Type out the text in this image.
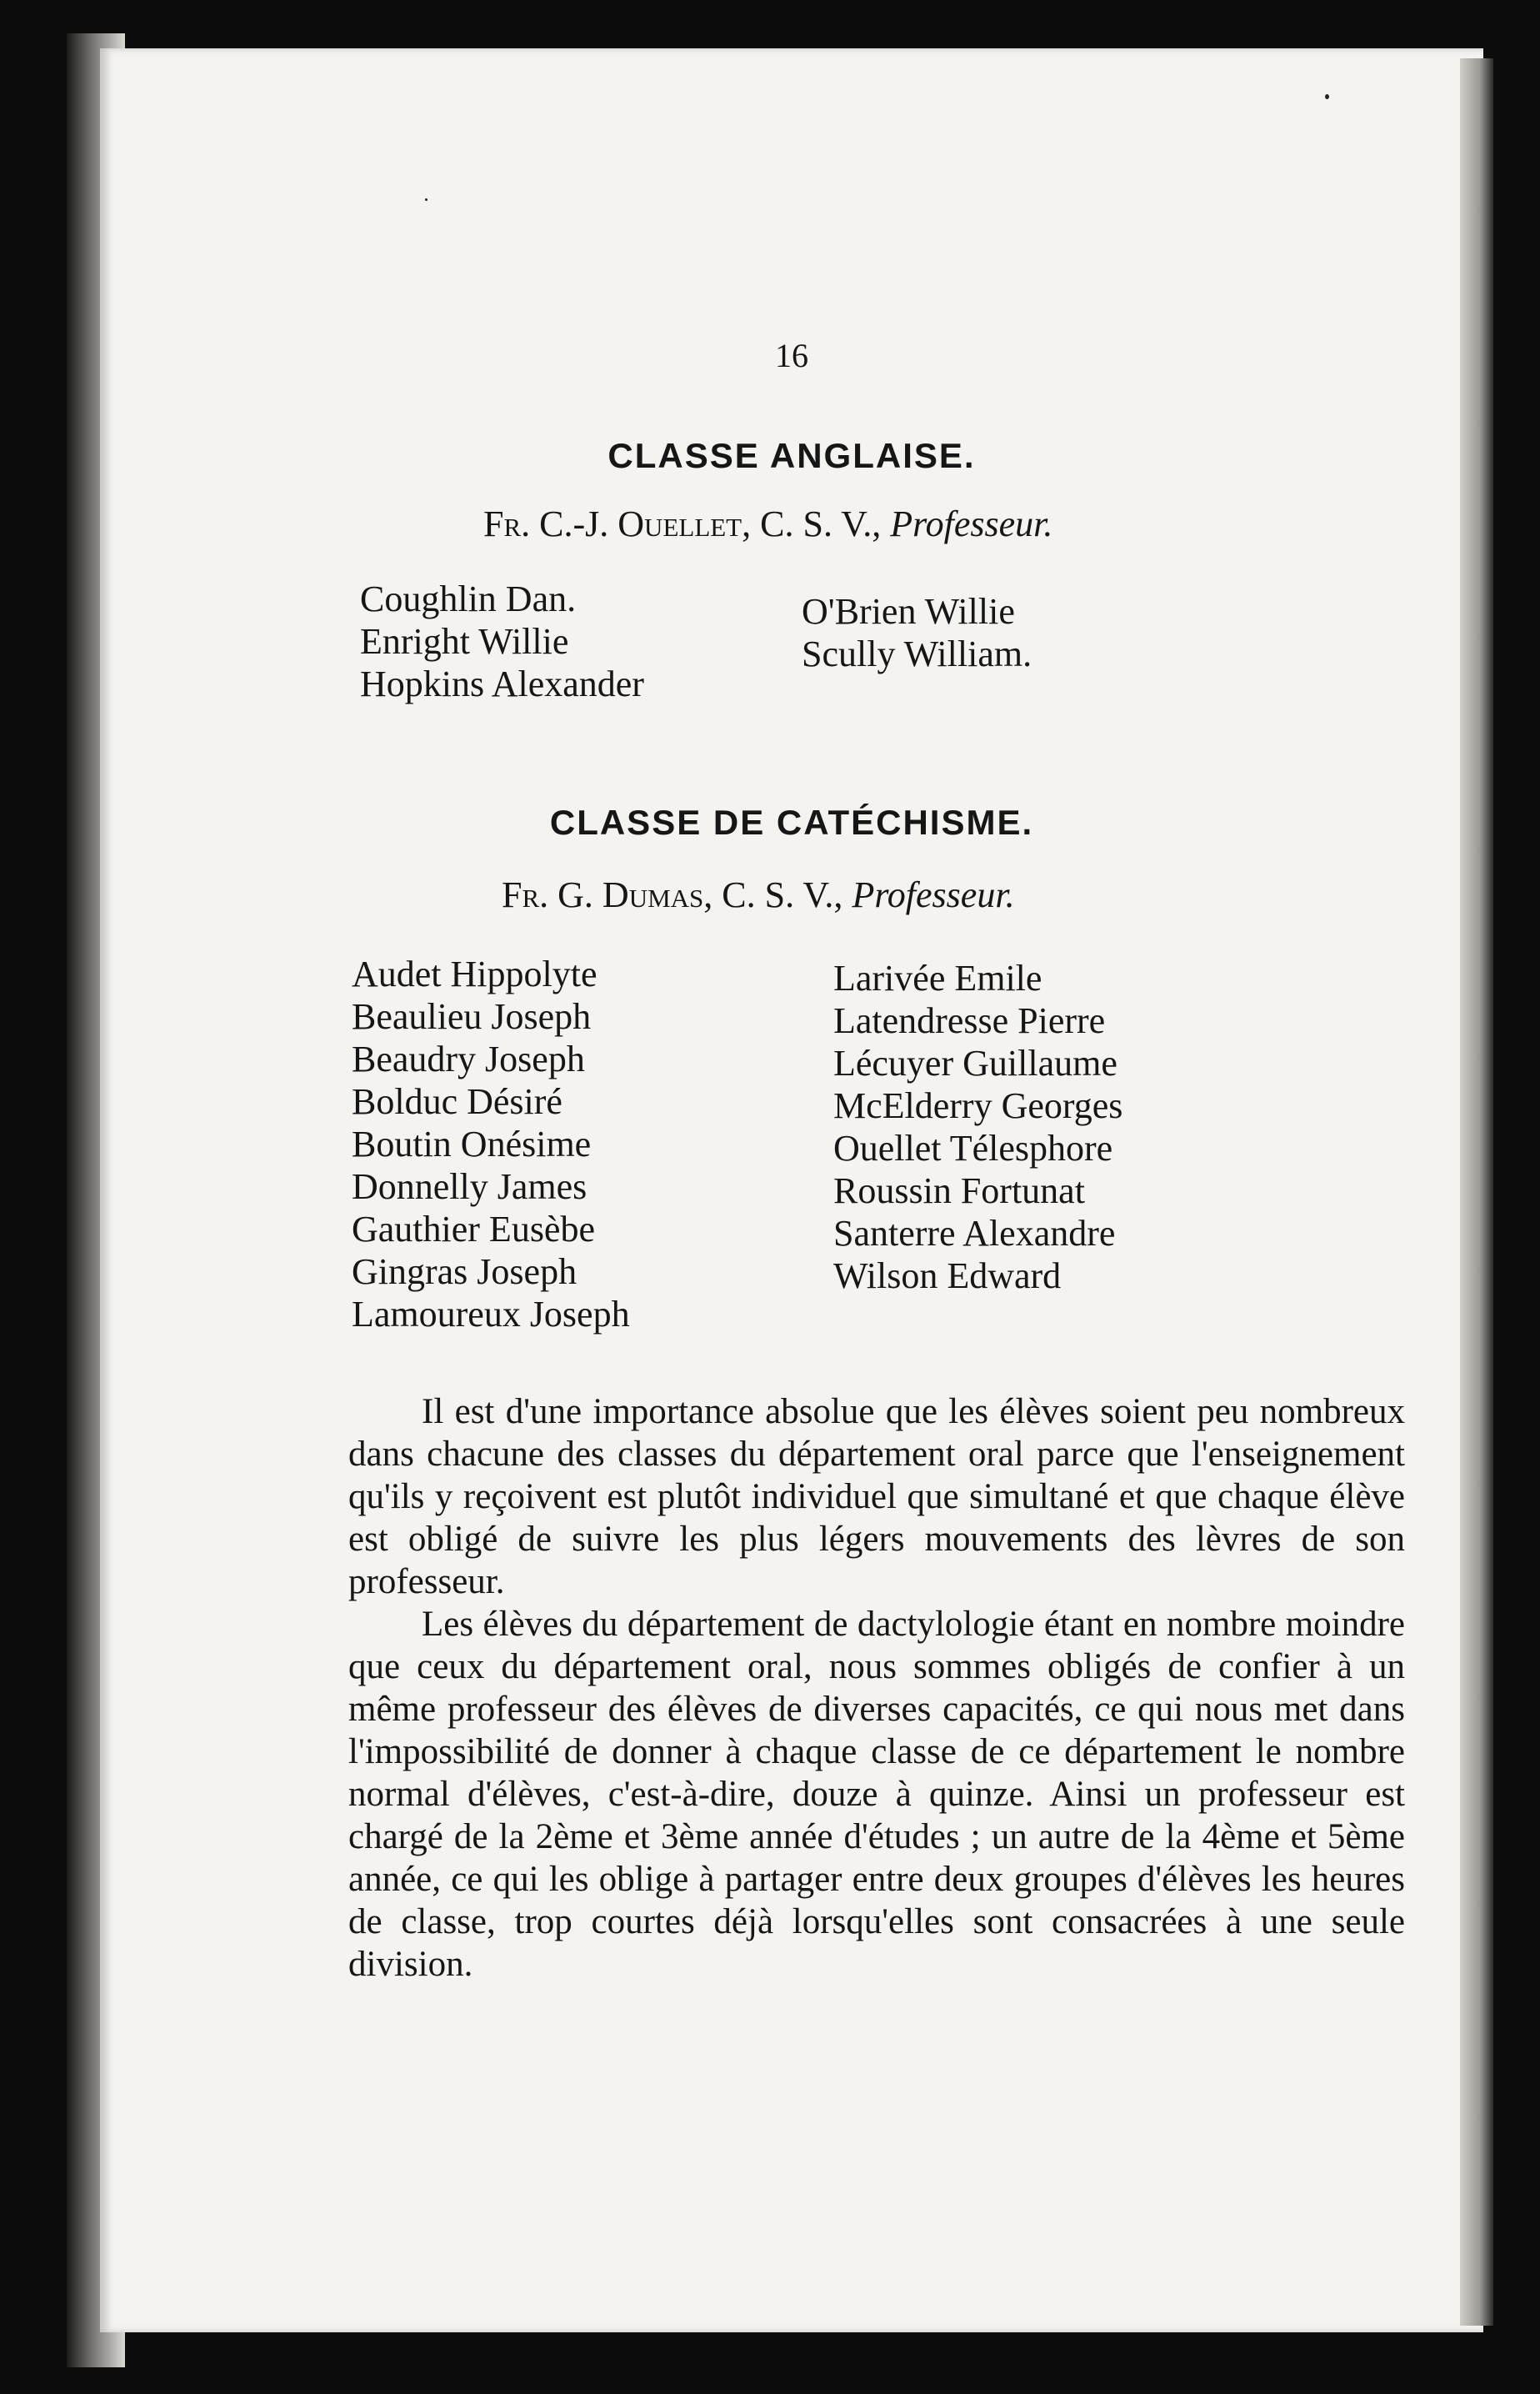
16
CLASSE ANGLAISE.
Fr. C.-J. Ouellet, C. S. V., Professeur.
Coughlin Dan.
Enright Willie
Hopkins Alexander
O'Brien Willie
Scully William.
CLASSE DE CATÉCHISME.
Fr. G. Dumas, C. S. V., Professeur.
Audet Hippolyte
Beaulieu Joseph
Beaudry Joseph
Bolduc Désiré
Boutin Onésime
Donnelly James
Gauthier Eusèbe
Gingras Joseph
Lamoureux Joseph
Larivée Emile
Latendresse Pierre
Lécuyer Guillaume
McElderry Georges
Ouellet Télesphore
Roussin Fortunat
Santerre Alexandre
Wilson Edward

Il est d'une importance absolue que les élèves soient peu nombreux dans chacune des classes du département oral parce que l'enseignement qu'ils y reçoivent est plutôt individuel que simultané et que chaque élève est obligé de suivre les plus légers mouvements des lèvres de son professeur.

Les élèves du département de dactylologie étant en nombre moindre que ceux du département oral, nous sommes obligés de confier à un même professeur des élèves de diverses capacités, ce qui nous met dans l'impossibilité de donner à chaque classe de ce département le nombre normal d'élèves, c'est-à-dire, douze à quinze. Ainsi un professeur est chargé de la 2ème et 3ème année d'études ; un autre de la 4ème et 5ème année, ce qui les oblige à partager entre deux groupes d'élèves les heures de classe, trop courtes déjà lorsqu'elles sont consacrées à une seule division.
